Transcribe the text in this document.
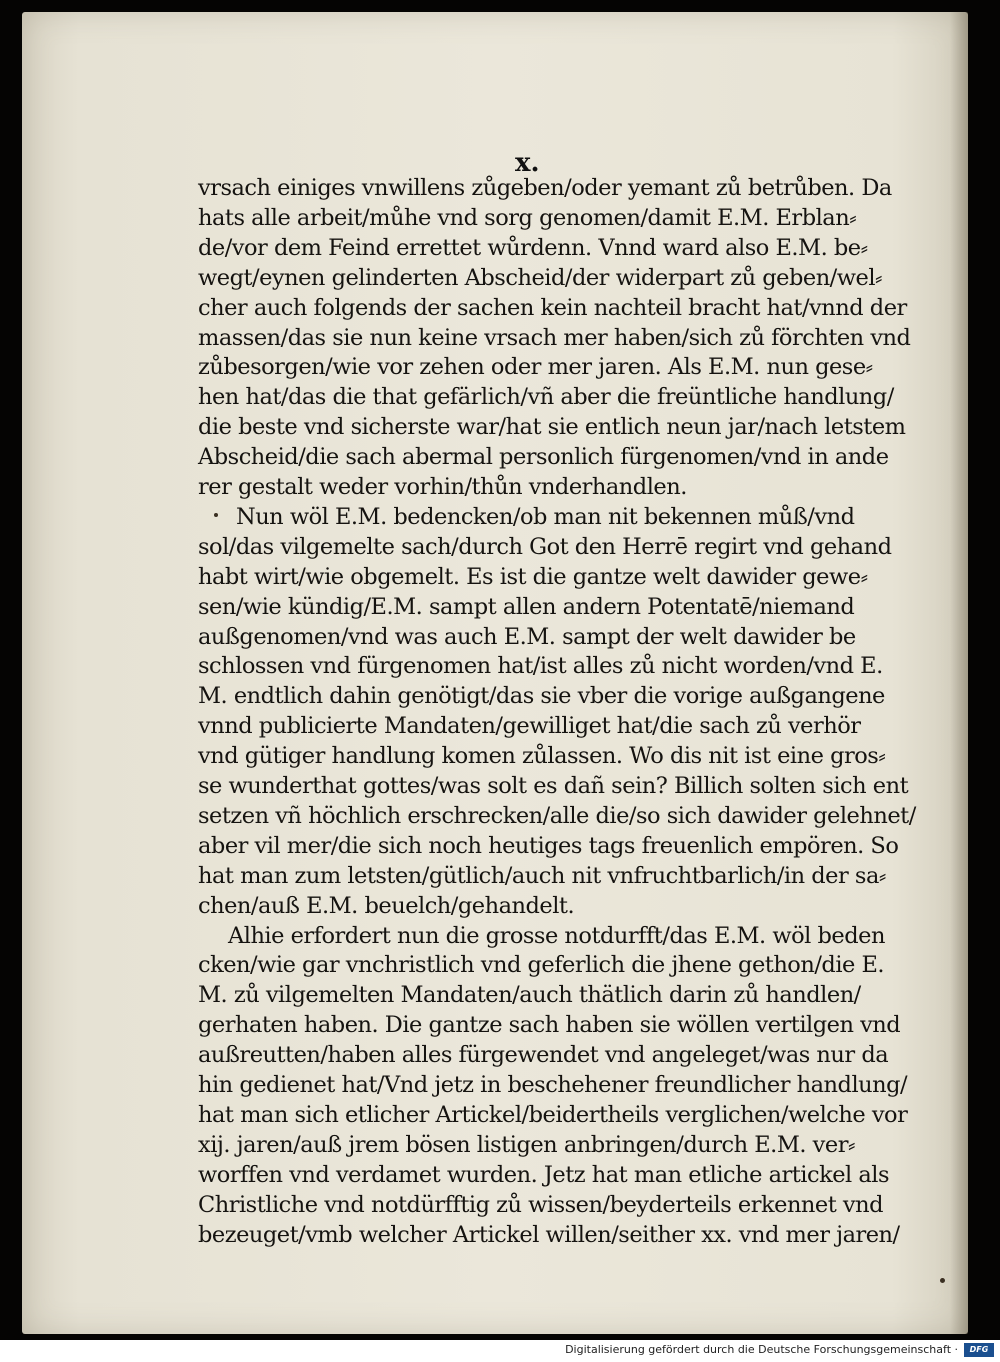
x.
vrsach einiges vnwillens zůgeben/oder yemant zů betrůben. Da
hats alle arbeit/můhe vnd sorg genomen/damit E.M. Erblan⸗
de/vor dem Feind errettet wůrdenn. Vnnd ward also E.M. be⸗
wegt/eynen gelinderten Abscheid/der widerpart zů geben/wel⸗
cher auch folgends der sachen kein nachteil bracht hat/vnnd der
massen/das sie nun keine vrsach mer haben/sich zů förchten vnd
zůbesorgen/wie vor zehen oder mer jaren. Als E.M. nun gese⸗
hen hat/das die that gefärlich/vñ aber die freüntliche handlung/
die beste vnd sicherste war/hat sie entlich neun jar/nach letstem
Abscheid/die sach abermal personlich fürgenomen/vnd in ande
rer gestalt weder vorhin/thůn vnderhandlen.
Nun wöl E.M. bedencken/ob man nit bekennen můß/vnd
sol/das vilgemelte sach/durch Got den Herrē regirt vnd gehand
habt wirt/wie obgemelt. Es ist die gantze welt dawider gewe⸗
sen/wie kündig/E.M. sampt allen andern Potentatē/niemand
außgenomen/vnd was auch E.M. sampt der welt dawider be
schlossen vnd fürgenomen hat/ist alles zů nicht worden/vnd E.
M. endtlich dahin genötigt/das sie vber die vorige außgangene
vnnd publicierte Mandaten/gewilliget hat/die sach zů verhör
vnd gütiger handlung komen zůlassen. Wo dis nit ist eine gros⸗
se wunderthat gottes/was solt es dañ sein? Billich solten sich ent
setzen vñ höchlich erschrecken/alle die/so sich dawider gelehnet/
aber vil mer/die sich noch heutiges tags freuenlich empören. So
hat man zum letsten/gütlich/auch nit vnfruchtbarlich/in der sa⸗
chen/auß E.M. beuelch/gehandelt.
Alhie erfordert nun die grosse notdurfft/das E.M. wöl beden
cken/wie gar vnchristlich vnd geferlich die jhene gethon/die E.
M. zů vilgemelten Mandaten/auch thätlich darin zů handlen/
gerhaten haben. Die gantze sach haben sie wöllen vertilgen vnd
außreutten/haben alles fürgewendet vnd angeleget/was nur da
hin gedienet hat/Vnd jetz in beschehener freundlicher handlung/
hat man sich etlicher Artickel/beidertheils verglichen/welche vor
xij. jaren/auß jrem bösen listigen anbringen/durch E.M. ver⸗
worffen vnd verdamet wurden. Jetz hat man etliche artickel als
Christliche vnd notdürfftig zů wissen/beyderteils erkennet vnd
bezeuget/vmb welcher Artickel willen/seither xx. vnd mer jaren/
Digitalisierung gefördert durch die Deutsche Forschungsgemeinschaft ·	DFG
